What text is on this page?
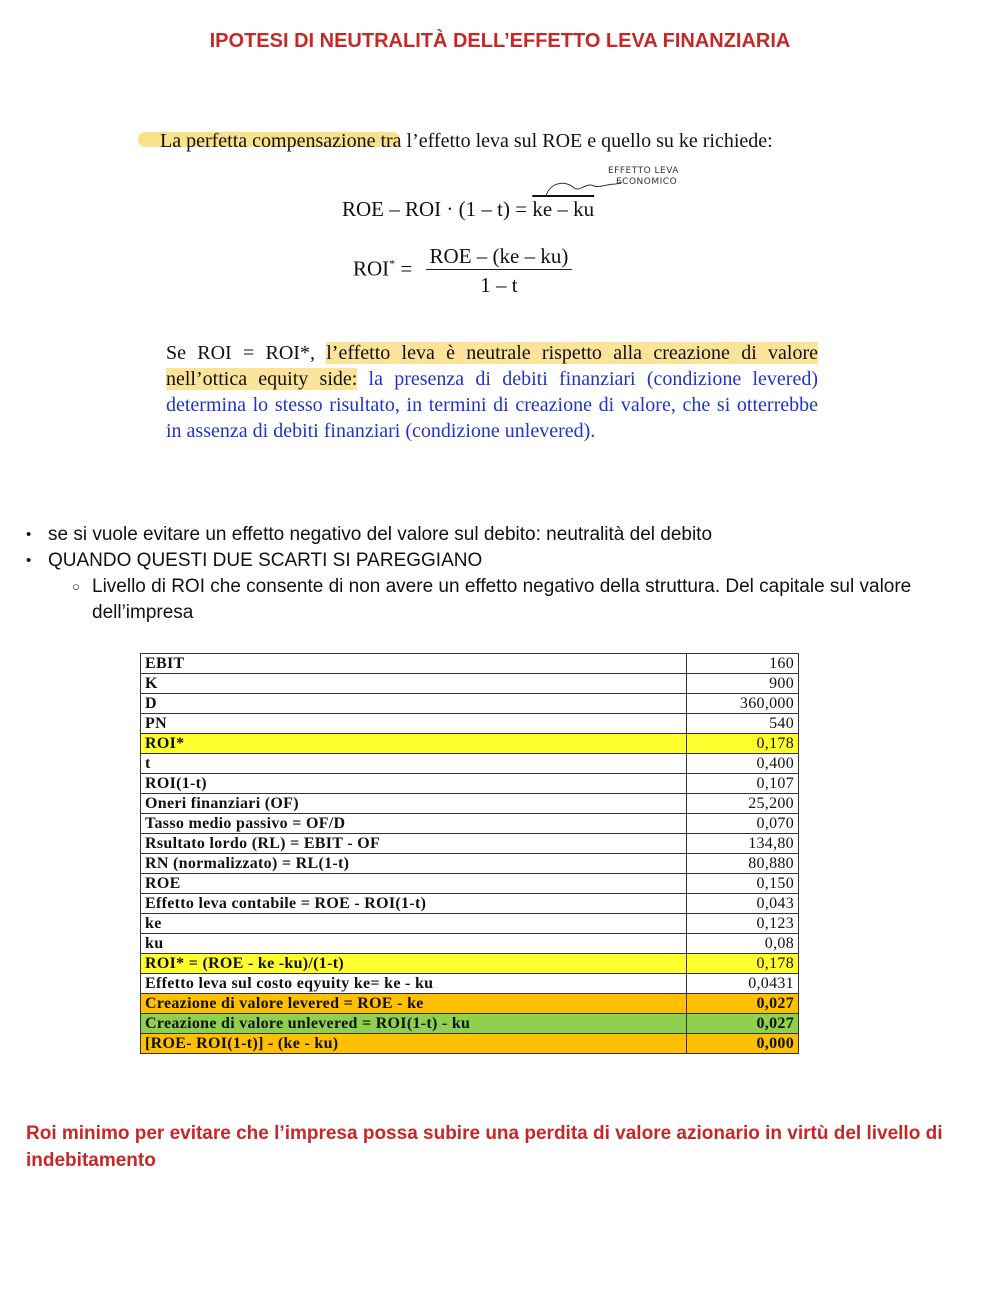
IPOTESI DI NEUTRALITÀ DELL’EFFETTO LEVA FINANZIARIA

La perfetta compensazione tra l’effetto leva sul ROE e quello su ke richiede:

EFFETTO LEVA
ECONOMICO
ROE – ROI · (1 – t) = ke – ku
$ROI^* = \frac{\text{ROE – (ke – ku)}}{1 - t}$
Se ROI = ROI*, l’effetto leva è neutrale rispetto alla creazione di valore nell’ottica equity side: la presenza di debiti finanziari (condizione levered) determina lo stesso risultato, in termini di creazione di valore, che si otterrebbe in assenza di debiti finanziari (condizione unlevered).
• se si vuole evitare un effetto negativo del valore sul debito: neutralità del debito
• QUANDO QUESTI DUE SCARTI SI PAREGGIANO
○ Livello di ROI che consente di non avere un effetto negativo della struttura. Del capitale sul valore dell’impresa
EBIT	160
K	900
D	360,000
PN	540
ROI*	0,178
t	0,400
ROI(1-t)	0,107
Oneri finanziari (OF)	25,200
Tasso medio passivo = OF/D	0,070
Rsultato lordo (RL) = EBIT - OF	134,80
RN (normalizzato) = RL(1-t)	80,880
ROE	0,150
Effetto leva contabile = ROE - ROI(1-t)	0,043
ke	0,123
ku	0,08
ROI* = (ROE - ke -ku)/(1-t)	0,178
Effetto leva sul costo eqyuity ke= ke - ku	0,0431
Creazione di valore levered = ROE - ke	0,027
Creazione di valore unlevered = ROI(1-t) - ku	0,027
[ROE- ROI(1-t)] - (ke - ku)	0,000
Roi minimo per evitare che l’impresa possa subire una perdita di valore azionario in virtù del livello di indebitamento
